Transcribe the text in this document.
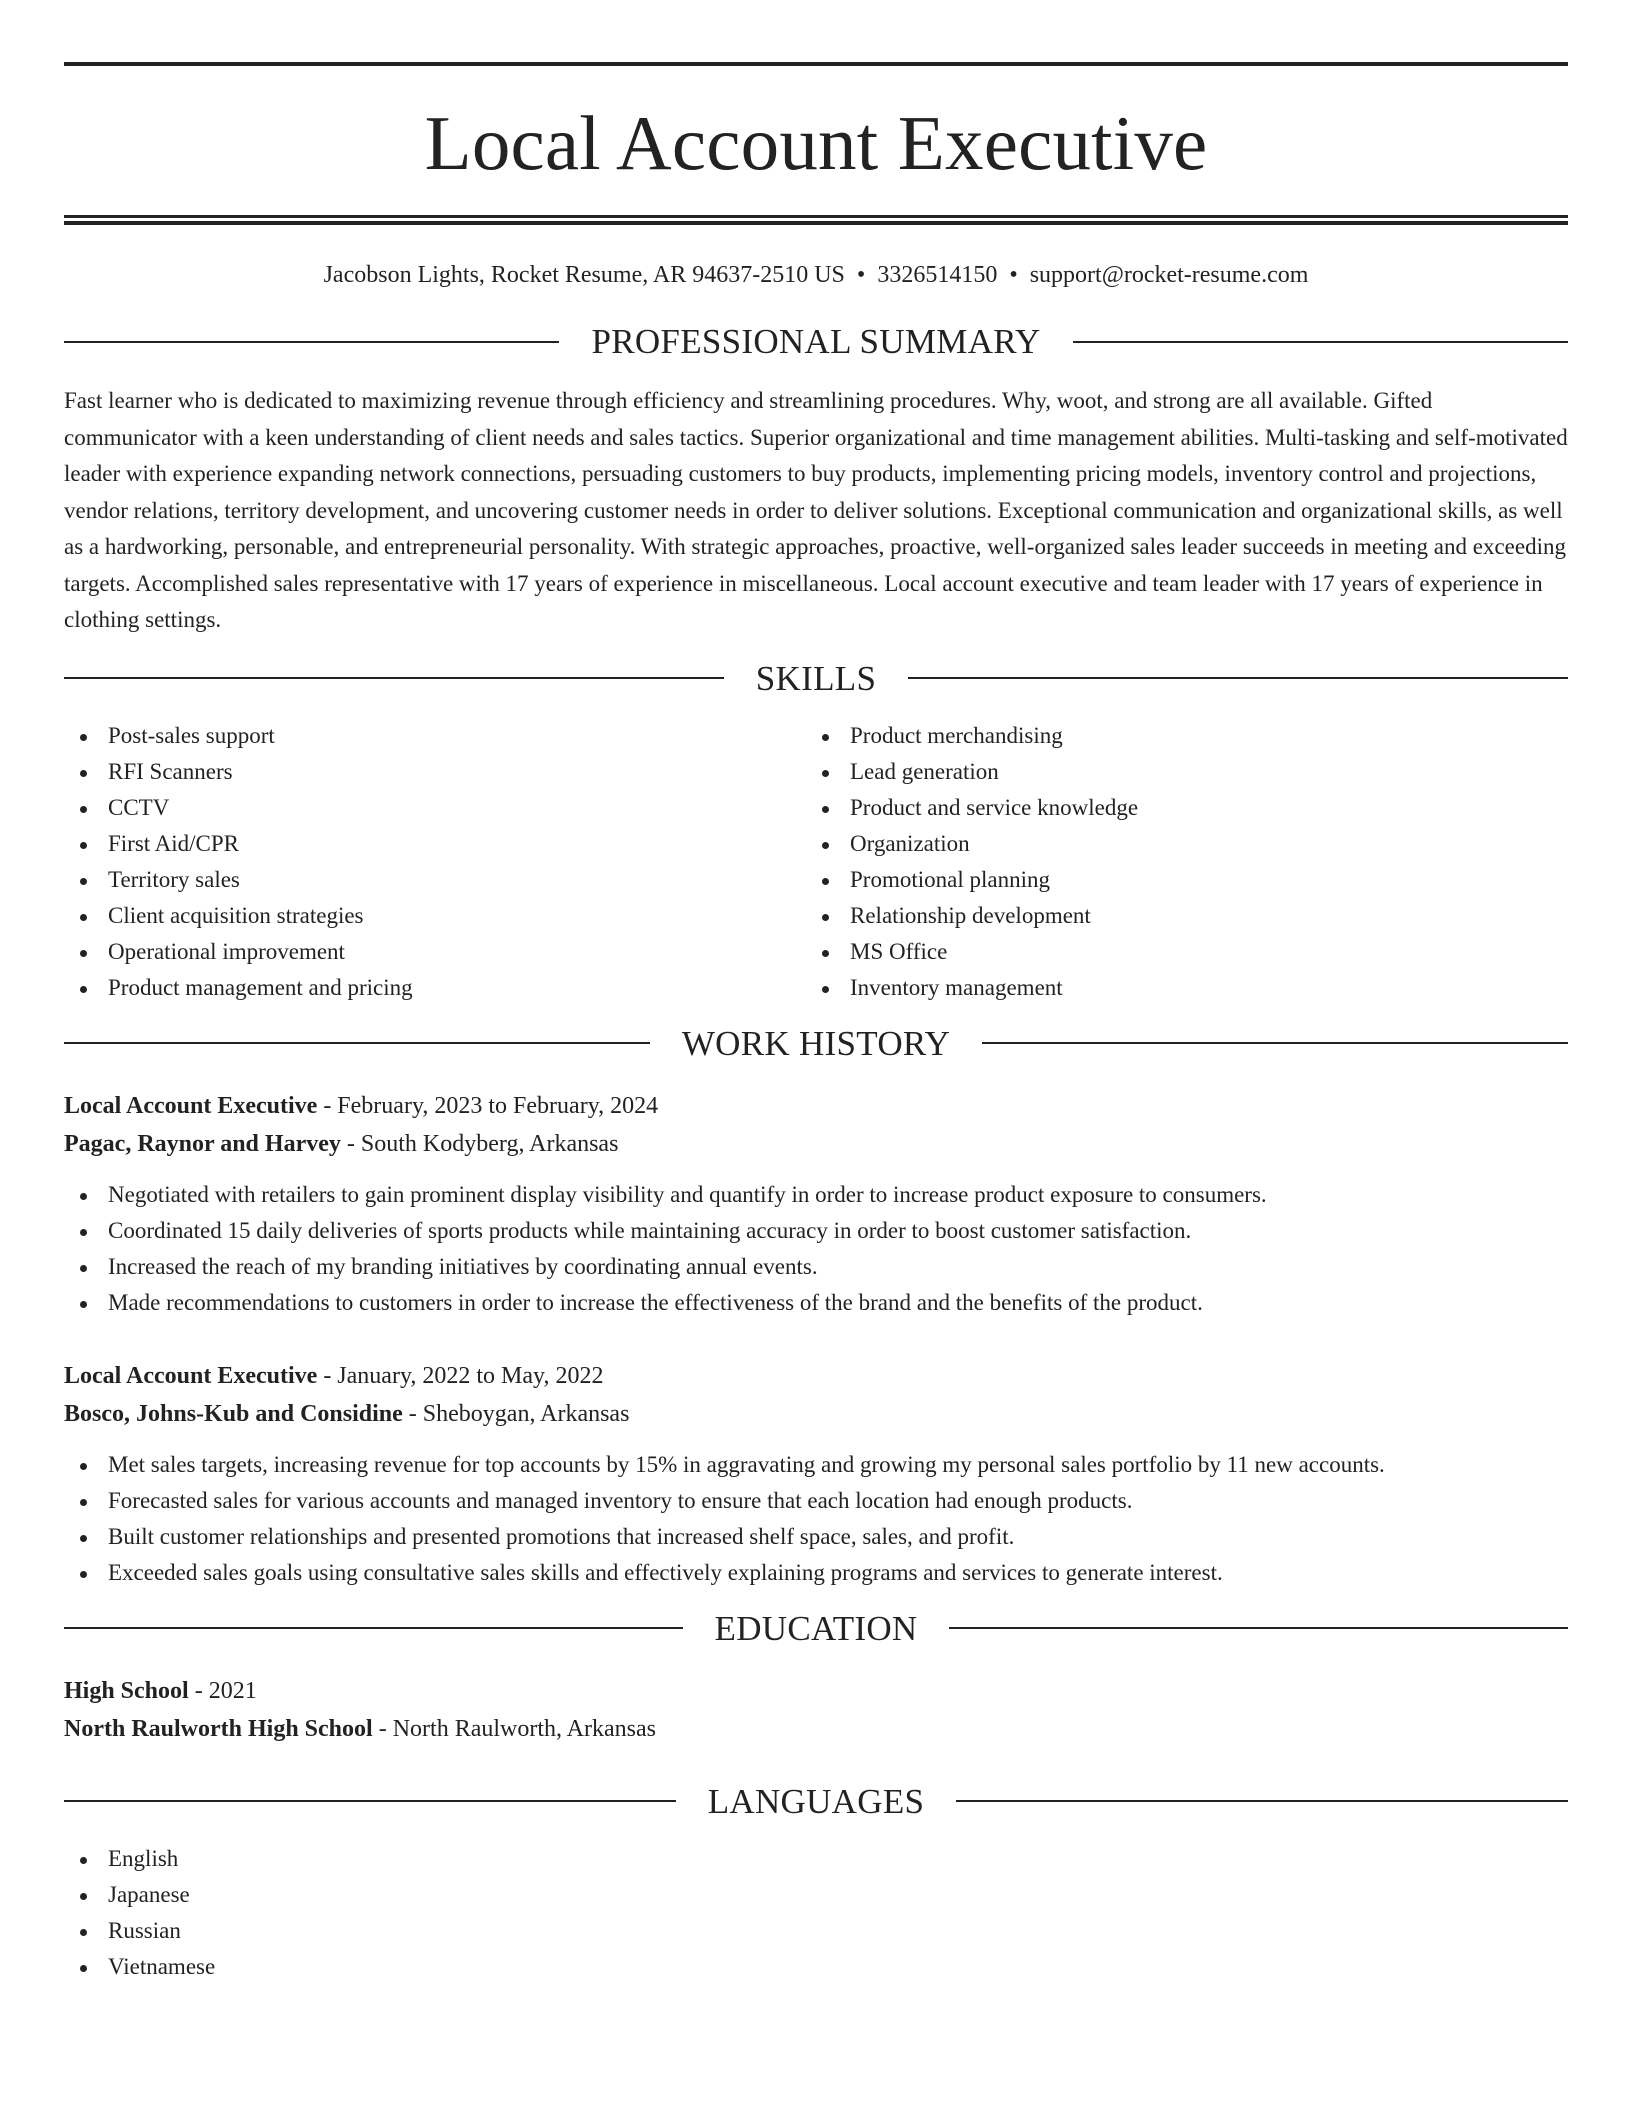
Local Account Executive
Jacobson Lights, Rocket Resume, AR 94637-2510 US • 3326514150 • support@rocket-resume.com
PROFESSIONAL SUMMARY

Fast learner who is dedicated to maximizing revenue through efficiency and streamlining procedures. Why, woot, and strong are all available. Gifted communicator with a keen understanding of client needs and sales tactics. Superior organizational and time management abilities. Multi-tasking and self-motivated leader with experience expanding network connections, persuading customers to buy products, implementing pricing models, inventory control and projections, vendor relations, territory development, and uncovering customer needs in order to deliver solutions. Exceptional communication and organizational skills, as well as a hardworking, personable, and entrepreneurial personality. With strategic approaches, proactive, well-organized sales leader succeeds in meeting and exceeding targets. Accomplished sales representative with 17 years of experience in miscellaneous. Local account executive and team leader with 17 years of experience in clothing settings.

SKILLS
Post-sales support
RFI Scanners
CCTV
First Aid/CPR
Territory sales
Client acquisition strategies
Operational improvement
Product management and pricing
Product merchandising
Lead generation
Product and service knowledge
Organization
Promotional planning
Relationship development
MS Office
Inventory management
WORK HISTORY
Local Account Executive - February, 2023 to February, 2024
Pagac, Raynor and Harvey - South Kodyberg, Arkansas
Negotiated with retailers to gain prominent display visibility and quantify in order to increase product exposure to consumers.
Coordinated 15 daily deliveries of sports products while maintaining accuracy in order to boost customer satisfaction.
Increased the reach of my branding initiatives by coordinating annual events.
Made recommendations to customers in order to increase the effectiveness of the brand and the benefits of the product.
Local Account Executive - January, 2022 to May, 2022
Bosco, Johns-Kub and Considine - Sheboygan, Arkansas
Met sales targets, increasing revenue for top accounts by 15% in aggravating and growing my personal sales portfolio by 11 new accounts.
Forecasted sales for various accounts and managed inventory to ensure that each location had enough products.
Built customer relationships and presented promotions that increased shelf space, sales, and profit.
Exceeded sales goals using consultative sales skills and effectively explaining programs and services to generate interest.
EDUCATION
High School - 2021
North Raulworth High School - North Raulworth, Arkansas
LANGUAGES
English
Japanese
Russian
Vietnamese
